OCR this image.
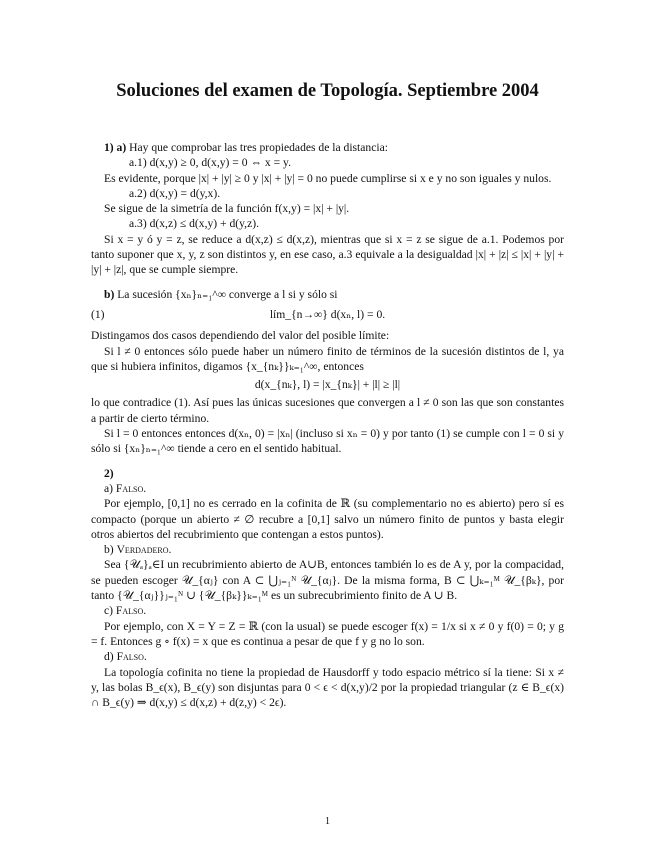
Soluciones del examen de Topología. Septiembre 2004

1) a) Hay que comprobar las tres propiedades de la distancia:

a.1) d(x,y) ≥ 0, d(x,y) = 0 ⇔ x = y.

Es evidente, porque |x| + |y| ≥ 0 y |x| + |y| = 0 no puede cumplirse si x e y no son iguales y nulos.

a.2) d(x,y) = d(y,x).

Se sigue de la simetría de la función f(x,y) = |x| + |y|.

a.3) d(x,z) ≤ d(x,y) + d(y,z).

Si x = y ó y = z, se reduce a d(x,z) ≤ d(x,z), mientras que si x = z se sigue de a.1. Podemos por tanto suponer que x, y, z son distintos y, en ese caso, a.3 equivale a la desigualdad |x| + |z| ≤ |x| + |y| + |y| + |z|, que se cumple siempre.

b) La sucesión {xₙ}ₙ₌₁^∞ converge a l si y sólo si

(1)	lím_{n→∞} d(xₙ, l) = 0.

Distingamos dos casos dependiendo del valor del posible límite:

Si l ≠ 0 entonces sólo puede haber un número finito de términos de la sucesión distintos de l, ya que si hubiera infinitos, digamos {x_{nₖ}}ₖ₌₁^∞, entonces

d(x_{nₖ}, l) = |x_{nₖ}| + |l| ≥ |l|

lo que contradice (1). Así pues las únicas sucesiones que convergen a l ≠ 0 son las que son constantes a partir de cierto término.

Si l = 0 entonces entonces d(xₙ, 0) = |xₙ| (incluso si xₙ = 0) y por tanto (1) se cumple con l = 0 si y sólo si {xₙ}ₙ₌₁^∞ tiende a cero en el sentido habitual.

2)

a) Falso.

Por ejemplo, [0,1] no es cerrado en la cofinita de ℝ (su complementario no es abierto) pero sí es compacto (porque un abierto ≠ ∅ recubre a [0,1] salvo un número finito de puntos y basta elegir otros abiertos del recubrimiento que contengan a estos puntos).

b) Verdadero.

Sea {𝒰ₐ}ₐ∈I un recubrimiento abierto de A∪B, entonces también lo es de A y, por la compacidad, se pueden escoger 𝒰_{αⱼ} con A ⊂ ⋃ⱼ₌₁ᴺ 𝒰_{αⱼ}. De la misma forma, B ⊂ ⋃ₖ₌₁ᴹ 𝒰_{βₖ}, por tanto {𝒰_{αⱼ}}ⱼ₌₁ᴺ ∪ {𝒰_{βₖ}}ₖ₌₁ᴹ es un subrecubrimiento finito de A ∪ B.

c) Falso.

Por ejemplo, con X = Y = Z = ℝ (con la usual) se puede escoger f(x) = 1/x si x ≠ 0 y f(0) = 0; y g = f. Entonces g ∘ f(x) = x que es continua a pesar de que f y g no lo son.

d) Falso.

La topología cofinita no tiene la propiedad de Hausdorff y todo espacio métrico sí la tiene: Si x ≠ y, las bolas B_ϵ(x), B_ϵ(y) son disjuntas para 0 < ϵ < d(x,y)/2 por la propiedad triangular (z ∈ B_ϵ(x) ∩ B_ϵ(y) ⇒ d(x,y) ≤ d(x,z) + d(z,y) < 2ϵ).

1
